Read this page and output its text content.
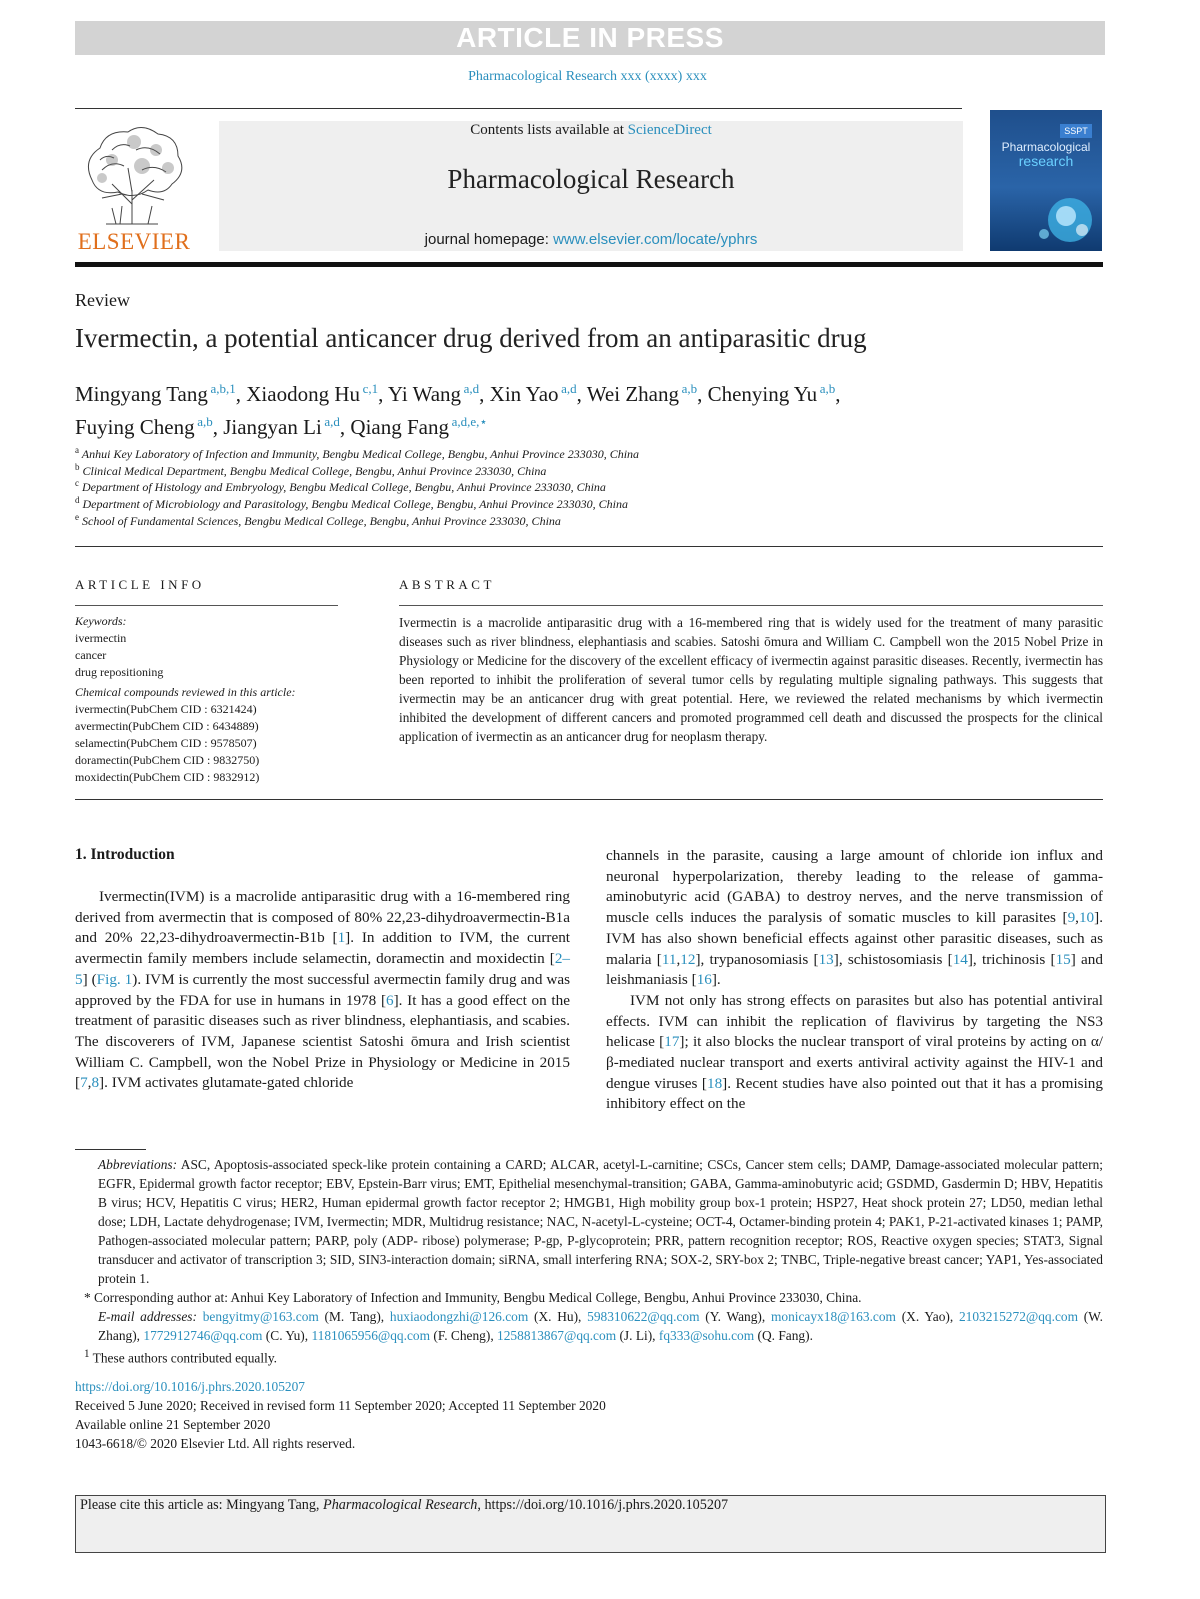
ARTICLE IN PRESS
Pharmacological Research xxx (xxxx) xxx
ELSEVIER
Contents lists available at ScienceDirect
Pharmacological Research
journal homepage: www.elsevier.com/locate/yphrs
SSPT
Pharmacological
research
Review
Ivermectin, a potential anticancer drug derived from an antiparasitic drug
Mingyang Tang $^{a,b,1}$, Xiaodong Hu $^{c,1}$, Yi Wang $^{a,d}$, Xin Yao $^{a,d}$, Wei Zhang $^{a,b}$, Chenying Yu $^{a,b}$,
Fuying Cheng $^{a,b}$, Jiangyan Li $^{a,d}$, Qiang Fang $^{a,d,e,⋆}$
$^a$ Anhui Key Laboratory of Infection and Immunity, Bengbu Medical College, Bengbu, Anhui Province 233030, China
$^b$ Clinical Medical Department, Bengbu Medical College, Bengbu, Anhui Province 233030, China
$^c$ Department of Histology and Embryology, Bengbu Medical College, Bengbu, Anhui Province 233030, China
$^d$ Department of Microbiology and Parasitology, Bengbu Medical College, Bengbu, Anhui Province 233030, China
$^e$ School of Fundamental Sciences, Bengbu Medical College, Bengbu, Anhui Province 233030, China
ARTICLE INFO	ABSTRACT
Keywords:
ivermectin
cancer
drug repositioning
Chemical compounds reviewed in this article:
ivermectin(PubChem CID : 6321424)
avermectin(PubChem CID : 6434889)
selamectin(PubChem CID : 9578507)
doramectin(PubChem CID : 9832750)
moxidectin(PubChem CID : 9832912)
Ivermectin is a macrolide antiparasitic drug with a 16-membered ring that is widely used for the treatment of many parasitic diseases such as river blindness, elephantiasis and scabies. Satoshi ōmura and William C. Campbell won the 2015 Nobel Prize in Physiology or Medicine for the discovery of the excellent efficacy of ivermectin against parasitic diseases. Recently, ivermectin has been reported to inhibit the proliferation of several tumor cells by regulating multiple signaling pathways. This suggests that ivermectin may be an anticancer drug with great potential. Here, we reviewed the related mechanisms by which ivermectin inhibited the development of different cancers and promoted programmed cell death and discussed the prospects for the clinical application of ivermectin as an anticancer drug for neoplasm therapy.
1. Introduction

Ivermectin(IVM) is a macrolide antiparasitic drug with a 16-membered ring derived from avermectin that is composed of 80% 22,23-dihydroavermectin-B1a and 20% 22,23-dihydroavermectin-B1b [1]. In addition to IVM, the current avermectin family members include selamectin, doramectin and moxidectin [2–5] (Fig. 1). IVM is currently the most successful avermectin family drug and was approved by the FDA for use in humans in 1978 [6]. It has a good effect on the treatment of parasitic diseases such as river blindness, elephantiasis, and scabies. The discoverers of IVM, Japanese scientist Satoshi ōmura and Irish scientist William C. Campbell, won the Nobel Prize in Physiology or Medicine in 2015 [7,8]. IVM activates glutamate-gated chloride

channels in the parasite, causing a large amount of chloride ion influx and neuronal hyperpolarization, thereby leading to the release of gamma-aminobutyric acid (GABA) to destroy nerves, and the nerve transmission of muscle cells induces the paralysis of somatic muscles to kill parasites [9,10]. IVM has also shown beneficial effects against other parasitic diseases, such as malaria [11,12], trypanosomiasis [13], schistosomiasis [14], trichinosis [15] and leishmaniasis [16].

IVM not only has strong effects on parasites but also has potential antiviral effects. IVM can inhibit the replication of flavivirus by targeting the NS3 helicase [17]; it also blocks the nuclear transport of viral proteins by acting on α/β-mediated nuclear transport and exerts antiviral activity against the HIV-1 and dengue viruses [18]. Recent studies have also pointed out that it has a promising inhibitory effect on the

Abbreviations: ASC, Apoptosis-associated speck-like protein containing a CARD; ALCAR, acetyl-L-carnitine; CSCs, Cancer stem cells; DAMP, Damage-associated molecular pattern; EGFR, Epidermal growth factor receptor; EBV, Epstein-Barr virus; EMT, Epithelial mesenchymal-transition; GABA, Gamma-aminobutyric acid; GSDMD, Gasdermin D; HBV, Hepatitis B virus; HCV, Hepatitis C virus; HER2, Human epidermal growth factor receptor 2; HMGB1, High mobility group box-1 protein; HSP27, Heat shock protein 27; LD50, median lethal dose; LDH, Lactate dehydrogenase; IVM, Ivermectin; MDR, Multidrug resistance; NAC, N-acetyl-L-cysteine; OCT-4, Octamer-binding protein 4; PAK1, P-21-activated kinases 1; PAMP, Pathogen-associated molecular pattern; PARP, poly (ADP- ribose) polymerase; P-gp, P-glycoprotein; PRR, pattern recognition receptor; ROS, Reactive oxygen species; STAT3, Signal transducer and activator of transcription 3; SID, SIN3-interaction domain; siRNA, small interfering RNA; SOX-2, SRY-box 2; TNBC, Triple-negative breast cancer; YAP1, Yes-associated protein 1.
* Corresponding author at: Anhui Key Laboratory of Infection and Immunity, Bengbu Medical College, Bengbu, Anhui Province 233030, China.
E-mail addresses: bengyitmy@163.com (M. Tang), huxiaodongzhi@126.com (X. Hu), 598310622@qq.com (Y. Wang), monicayx18@163.com (X. Yao), 2103215272@qq.com (W. Zhang), 1772912746@qq.com (C. Yu), 1181065956@qq.com (F. Cheng), 1258813867@qq.com (J. Li), fq333@sohu.com (Q. Fang).
$^1$ These authors contributed equally.
https://doi.org/10.1016/j.phrs.2020.105207
Received 5 June 2020; Received in revised form 11 September 2020; Accepted 11 September 2020
Available online 21 September 2020
1043-6618/© 2020 Elsevier Ltd. All rights reserved.
Please cite this article as: Mingyang Tang, Pharmacological Research, https://doi.org/10.1016/j.phrs.2020.105207
